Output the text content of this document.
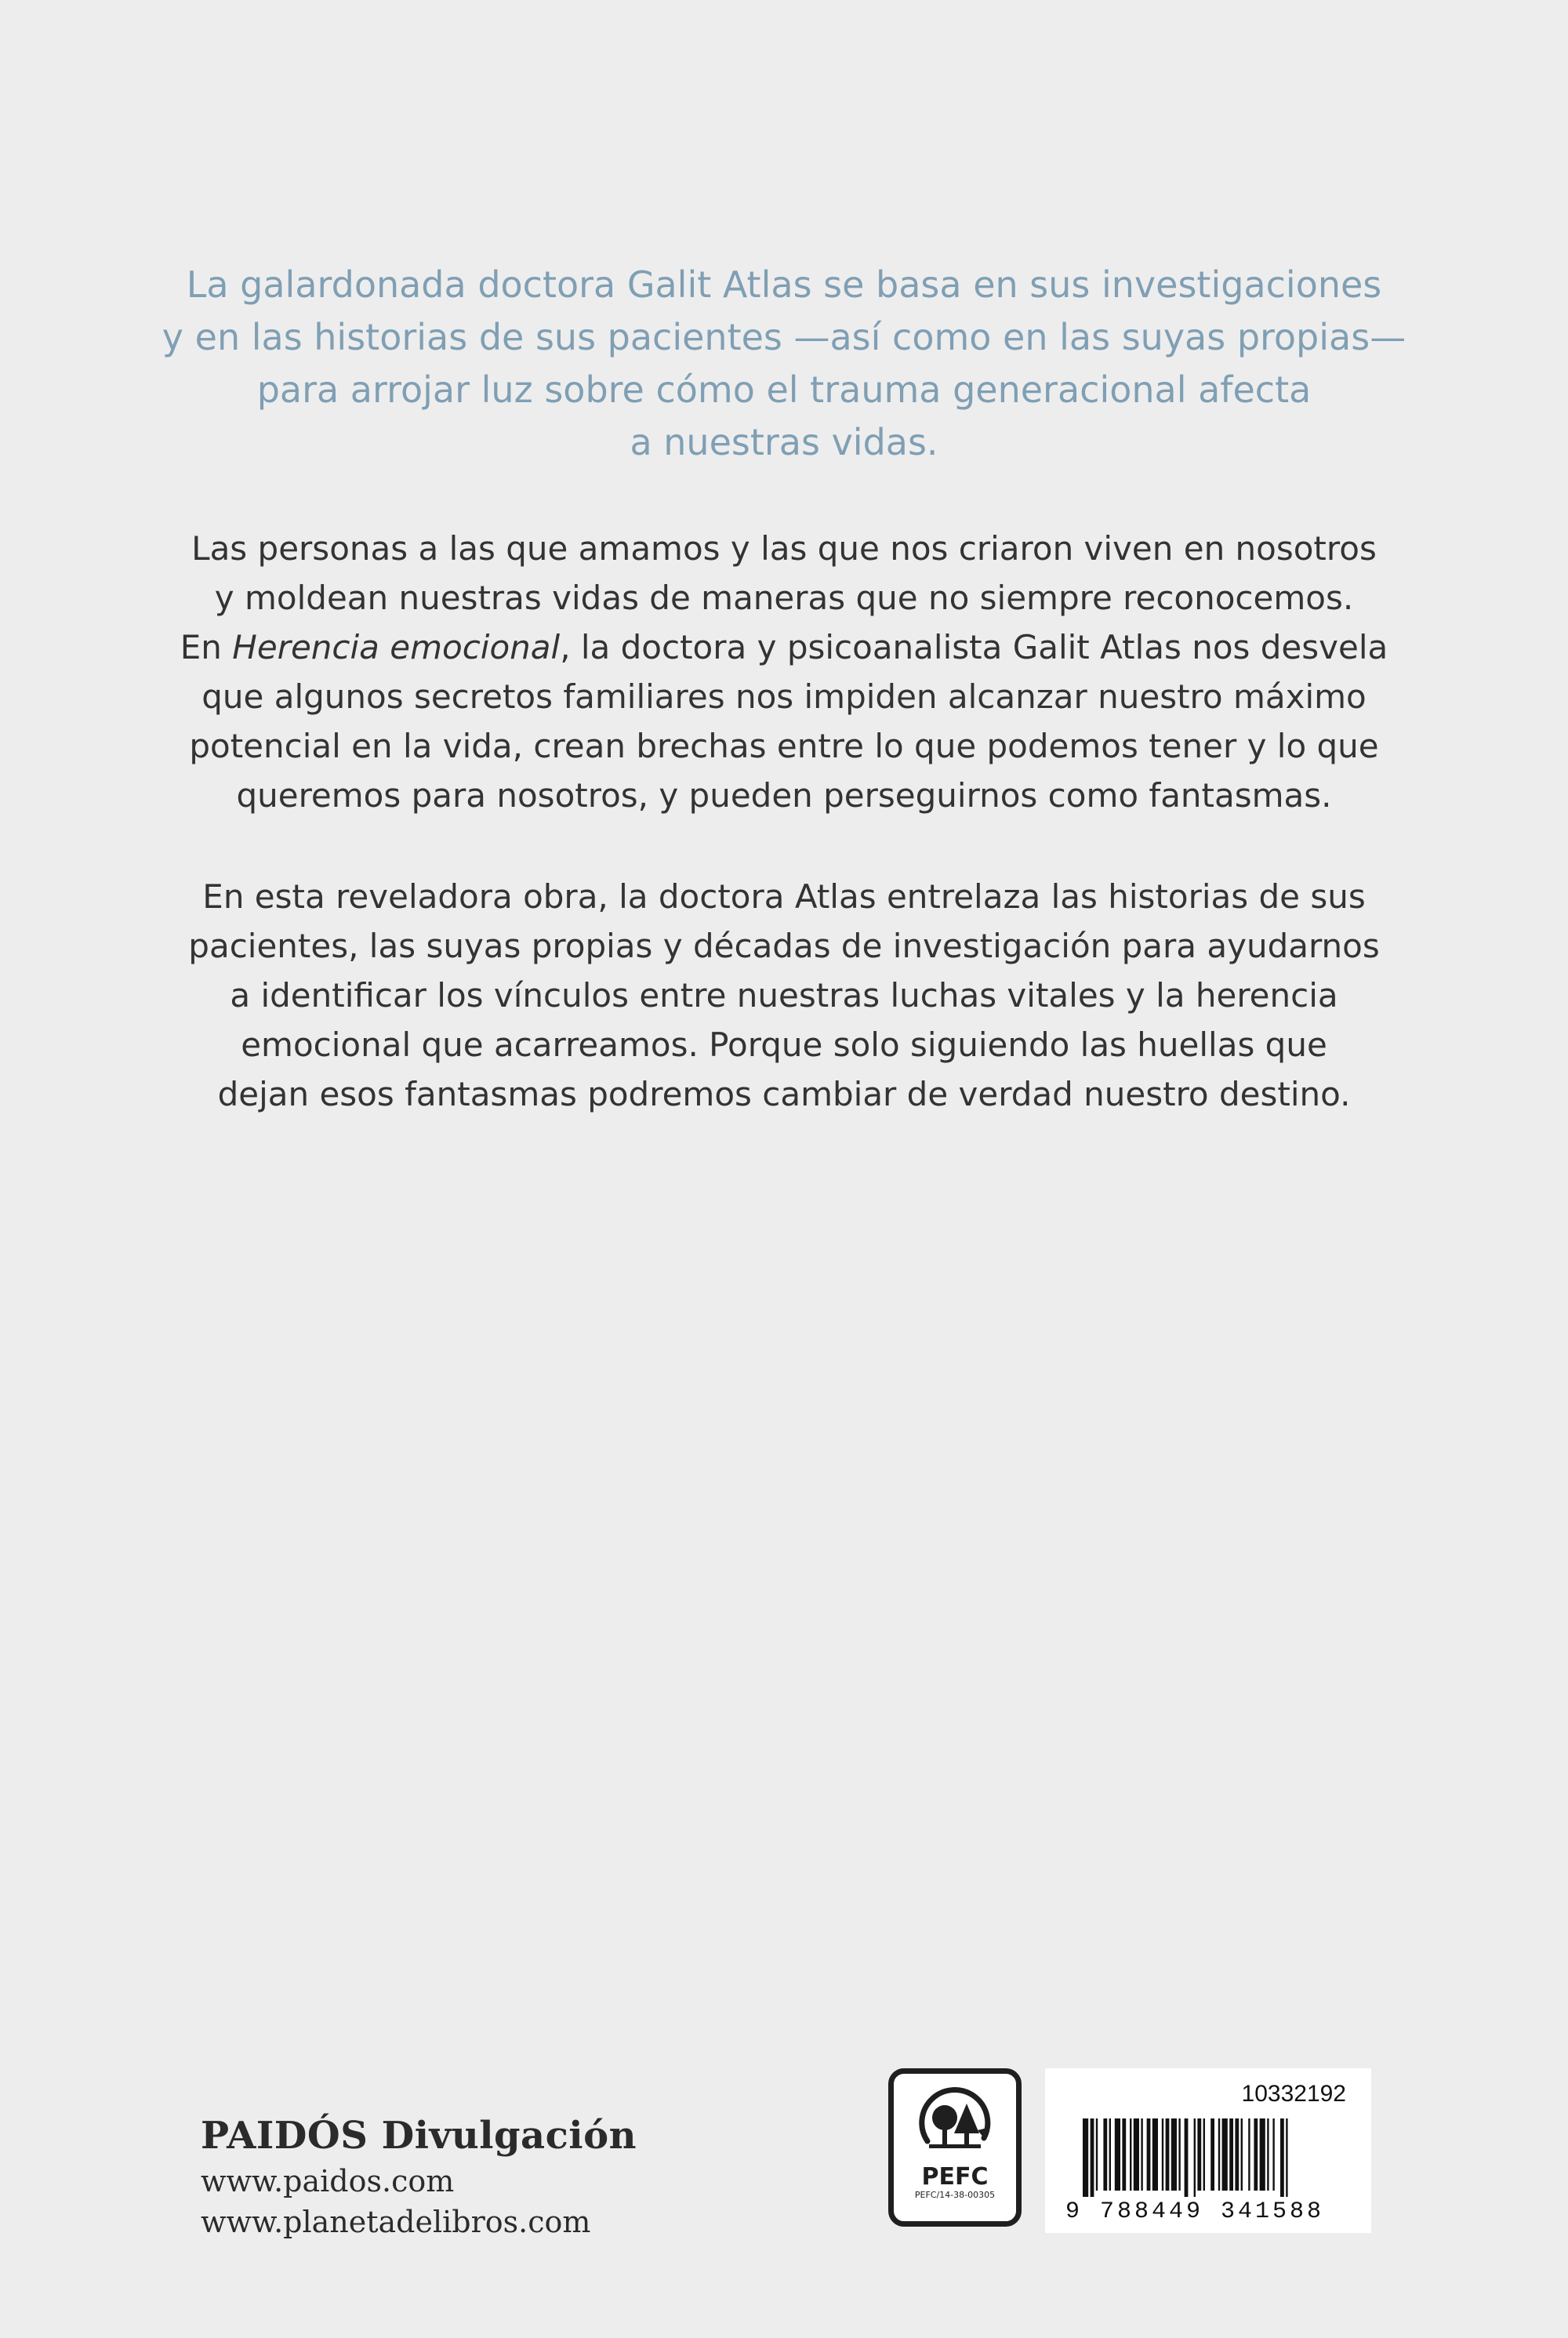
La galardonada doctora Galit Atlas se basa en sus investigaciones
y en las historias de sus pacientes —así como en las suyas propias—
para arrojar luz sobre cómo el trauma generacional afecta
a nuestras vidas.

Las personas a las que amamos y las que nos criaron viven en nosotros
y moldean nuestras vidas de maneras que no siempre reconocemos.
En Herencia emocional, la doctora y psicoanalista Galit Atlas nos desvela
que algunos secretos familiares nos impiden alcanzar nuestro máximo
potencial en la vida, crean brechas entre lo que podemos tener y lo que
queremos para nosotros, y pueden perseguirnos como fantasmas.

En esta reveladora obra, la doctora Atlas entrelaza las historias de sus
pacientes, las suyas propias y décadas de investigación para ayudarnos
a identificar los vínculos entre nuestras luchas vitales y la herencia
emocional que acarreamos. Porque solo siguiendo las huellas que
dejan esos fantasmas podremos cambiar de verdad nuestro destino.

PAIDÓS Divulgación
www.paidos.com
www.planetadelibros.com
PEFC
PEFC/14-38-00305
10332192
9 788449 341588
